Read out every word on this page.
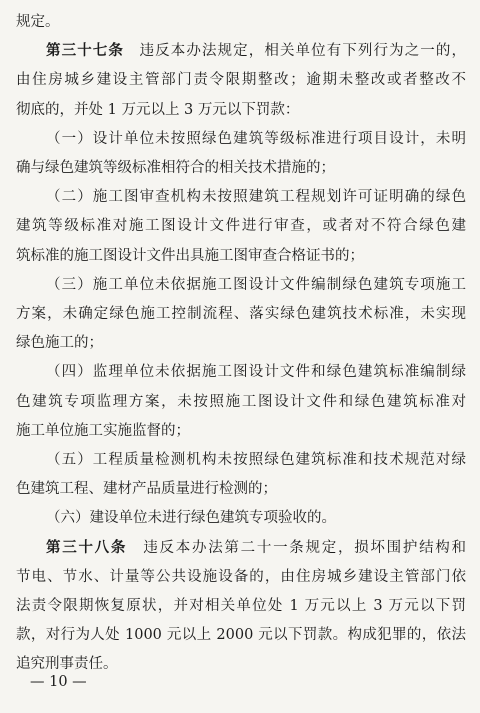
规定。
第三十七条　违反本办法规定，相关单位有下列行为之一的，
由住房城乡建设主管部门责令限期整改；逾期未整改或者整改不
彻底的，并处 1 万元以上 3 万元以下罚款：
（一）设计单位未按照绿色建筑等级标准进行项目设计，未明
确与绿色建筑等级标准相符合的相关技术措施的；
（二）施工图审查机构未按照建筑工程规划许可证明确的绿色
建筑等级标准对施工图设计文件进行审查，或者对不符合绿色建
筑标准的施工图设计文件出具施工图审查合格证书的；
（三）施工单位未依据施工图设计文件编制绿色建筑专项施工
方案，未确定绿色施工控制流程、落实绿色建筑技术标准，未实现
绿色施工的；
（四）监理单位未依据施工图设计文件和绿色建筑标准编制绿
色建筑专项监理方案，未按照施工图设计文件和绿色建筑标准对
施工单位施工实施监督的；
（五）工程质量检测机构未按照绿色建筑标准和技术规范对绿
色建筑工程、建材产品质量进行检测的；
（六）建设单位未进行绿色建筑专项验收的。
第三十八条　违反本办法第二十一条规定，损坏围护结构和
节电、节水、计量等公共设施设备的，由住房城乡建设主管部门依
法责令限期恢复原状，并对相关单位处 1 万元以上 3 万元以下罚
款，对行为人处 1000 元以上 2000 元以下罚款。构成犯罪的，依法
追究刑事责任。
— 10 —
